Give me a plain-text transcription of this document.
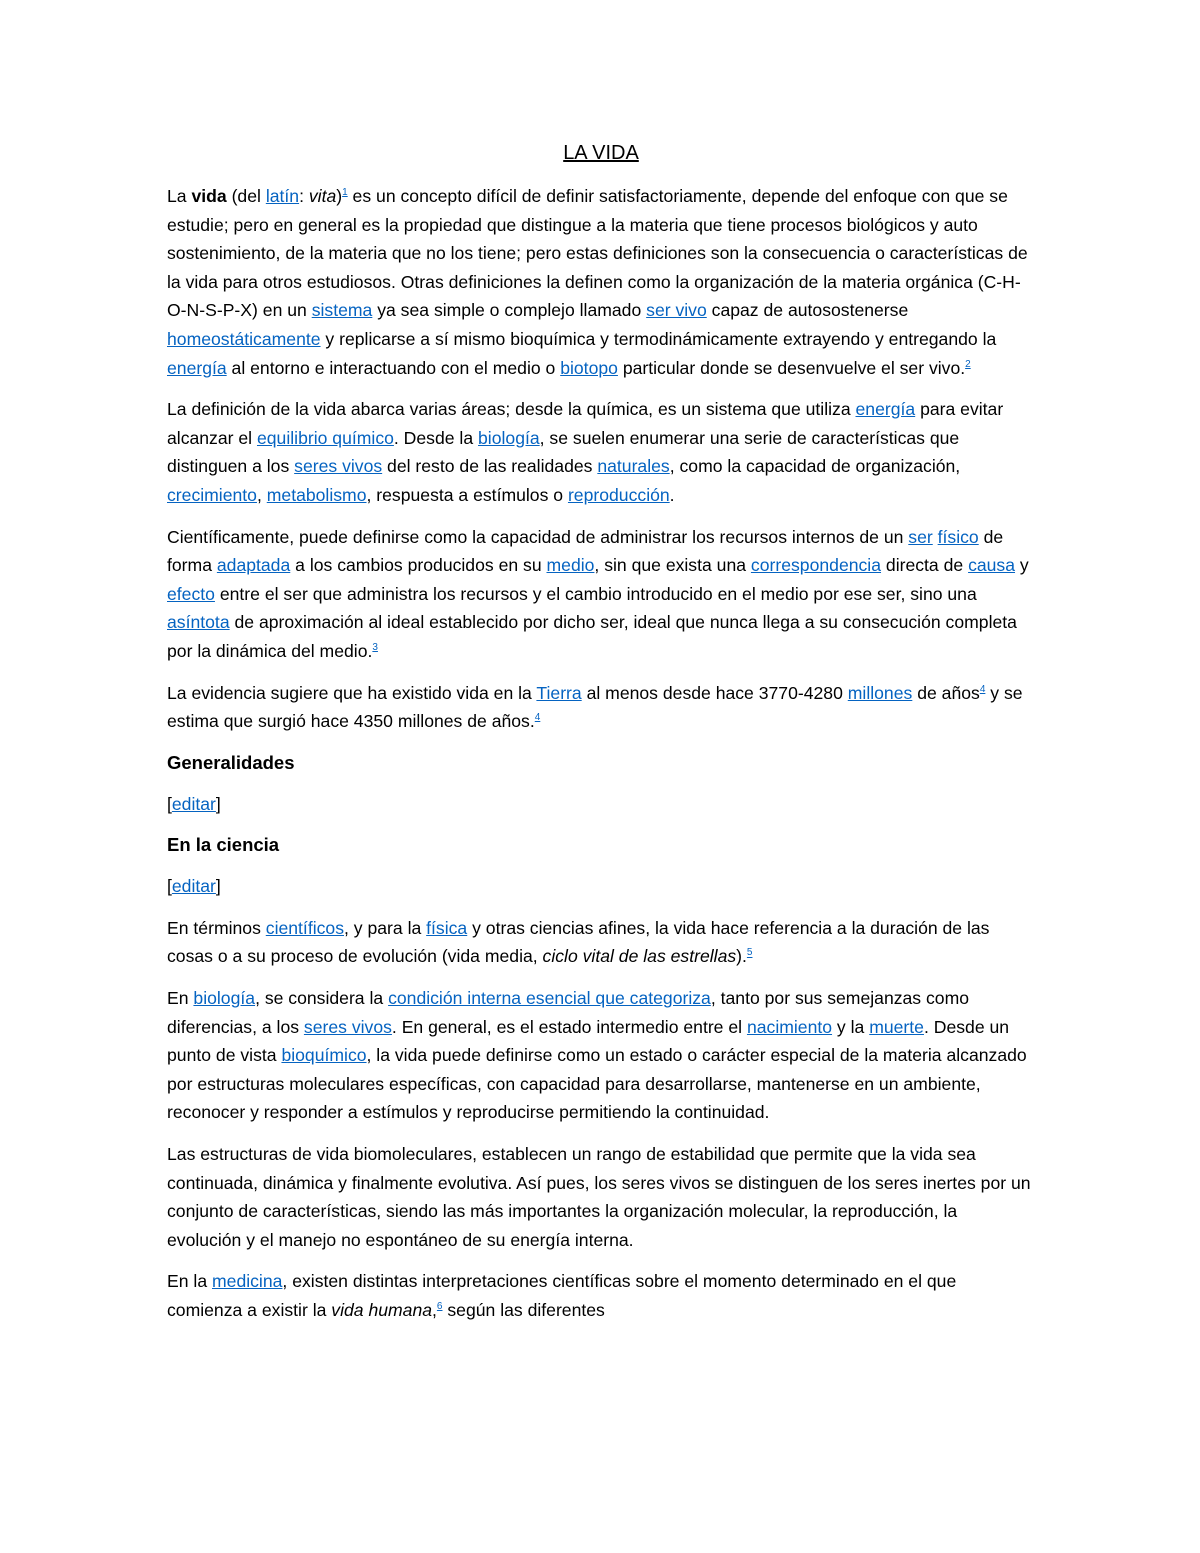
LA VIDA

La vida (del latín: vita)$^1$ es un concepto difícil de definir satisfactoriamente, depende del enfoque con que se estudie; pero en general es la propiedad que distingue a la materia que tiene procesos biológicos y auto sostenimiento, de la materia que no los tiene; pero estas definiciones son la consecuencia o características de la vida para otros estudiosos. Otras definiciones la definen como la organización de la materia orgánica (C-H-O-N-S-P-X) en un sistema ya sea simple o complejo llamado ser vivo capaz de autosostenerse homeostáticamente y replicarse a sí mismo bioquímica y termodinámicamente extrayendo y entregando la energía al entorno e interactuando con el medio o biotopo particular donde se desenvuelve el ser vivo.$^2$

La definición de la vida abarca varias áreas; desde la química, es un sistema que utiliza energía para evitar alcanzar el equilibrio químico. Desde la biología, se suelen enumerar una serie de características que distinguen a los seres vivos del resto de las realidades naturales, como la capacidad de organización, crecimiento, metabolismo, respuesta a estímulos o reproducción.

Científicamente, puede definirse como la capacidad de administrar los recursos internos de un ser físico de forma adaptada a los cambios producidos en su medio, sin que exista una correspondencia directa de causa y efecto entre el ser que administra los recursos y el cambio introducido en el medio por ese ser, sino una asíntota de aproximación al ideal establecido por dicho ser, ideal que nunca llega a su consecución completa por la dinámica del medio.$^3$

La evidencia sugiere que ha existido vida en la Tierra al menos desde hace 3770-4280 millones de años$^4$ y se estima que surgió hace 4350 millones de años.$^4$

Generalidades

[editar]

En la ciencia

[editar]

En términos científicos, y para la física y otras ciencias afines, la vida hace referencia a la duración de las cosas o a su proceso de evolución (vida media, ciclo vital de las estrellas).$^5$

En biología, se considera la condición interna esencial que categoriza, tanto por sus semejanzas como diferencias, a los seres vivos. En general, es el estado intermedio entre el nacimiento y la muerte. Desde un punto de vista bioquímico, la vida puede definirse como un estado o carácter especial de la materia alcanzado por estructuras moleculares específicas, con capacidad para desarrollarse, mantenerse en un ambiente, reconocer y responder a estímulos y reproducirse permitiendo la continuidad.

Las estructuras de vida biomoleculares, establecen un rango de estabilidad que permite que la vida sea continuada, dinámica y finalmente evolutiva. Así pues, los seres vivos se distinguen de los seres inertes por un conjunto de características, siendo las más importantes la organización molecular, la reproducción, la evolución y el manejo no espontáneo de su energía interna.

En la medicina, existen distintas interpretaciones científicas sobre el momento determinado en el que comienza a existir la vida humana,$^6$ según las diferentes
